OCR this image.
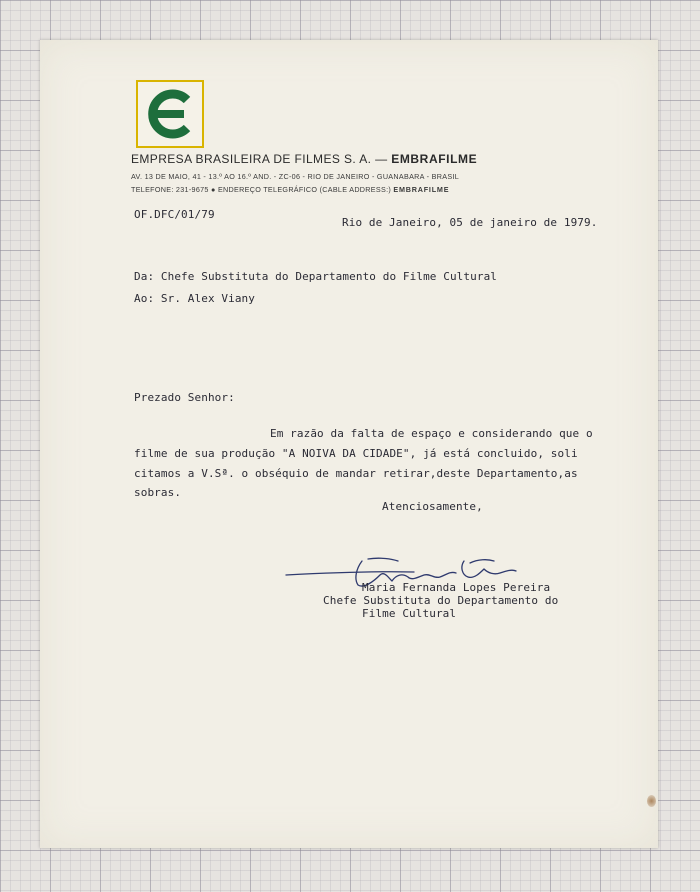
EMPRESA BRASILEIRA DE FILMES S. A. — EMBRAFILME
AV. 13 DE MAIO, 41 - 13.º AO 16.º AND. - ZC-06 - RIO DE JANEIRO - GUANABARA - BRASIL
TELEFONE: 231-9675 ● ENDEREÇO TELEGRÁFICO (CABLE ADDRESS:) EMBRAFILME
OF.DFC/01/79
Rio de Janeiro, 05 de janeiro de 1979.
Da: Chefe Substituta do Departamento do Filme Cultural
Ao: Sr. Alex Viany
Prezado Senhor:
Em razão da falta de espaço e considerando que o
filme de sua produção "A NOIVA DA CIDADE", já está concluido, soli
citamos a V.Sª. o obséquio de mandar retirar,deste Departamento,as
sobras.
Atenciosamente,
Maria Fernanda Lopes Pereira
Chefe Substituta do Departamento do
Filme Cultural
